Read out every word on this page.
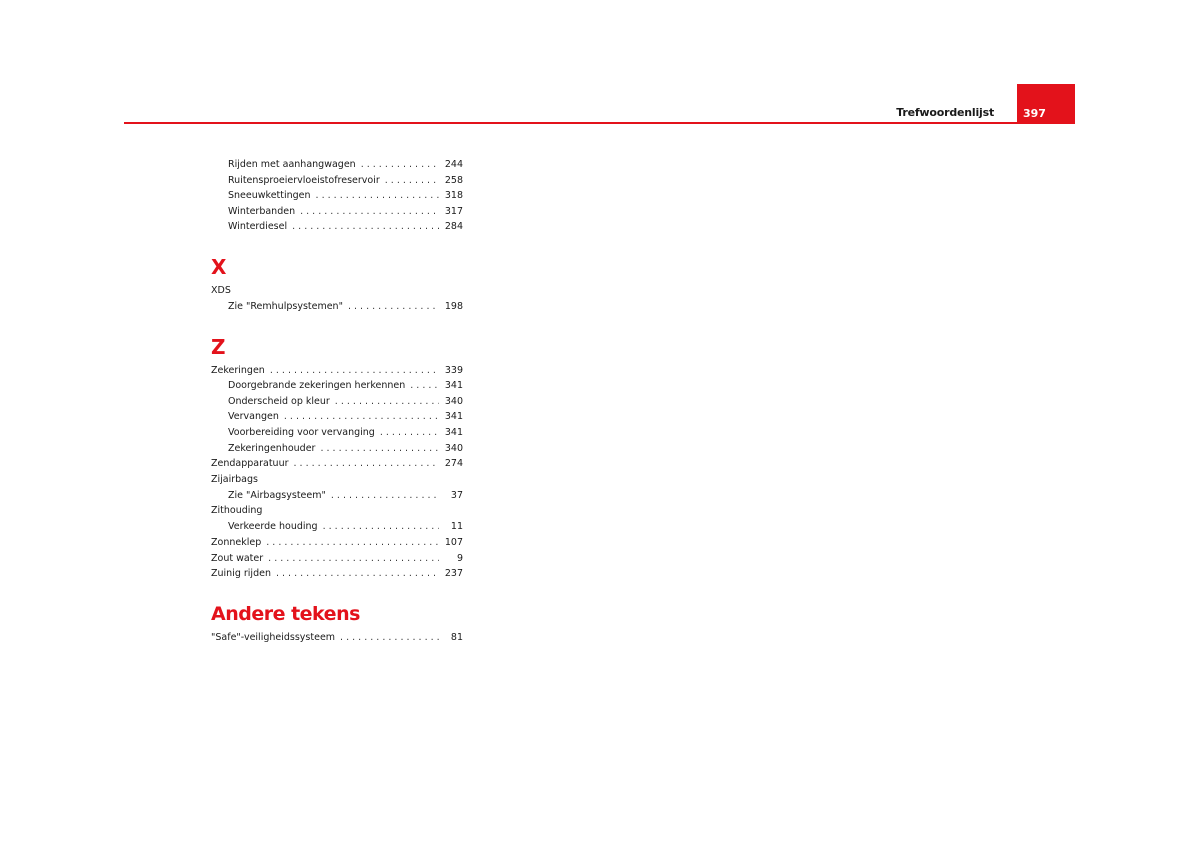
Trefwoordenlijst	397
Rijden met aanhangwagen . . .	244
Ruitensproeiervloeistofreservoir . . .	258
Sneeuwkettingen . . .	318
Winterbanden . . .	317
Winterdiesel . . .	284
X
XDS
Zie "Remhulpsystemen" . . .	198
Z
Zekeringen . . .	339
Doorgebrande zekeringen herkennen . . .	341
Onderscheid op kleur . . .	340
Vervangen . . .	341
Voorbereiding voor vervanging . . .	341
Zekeringenhouder . . .	340
Zendapparatuur . . .	274
Zijairbags
Zie "Airbagsysteem" . . .	37
Zithouding
Verkeerde houding . . .	11
Zonneklep . . .	107
Zout water . . .	9
Zuinig rijden . . .	237
Andere tekens
"Safe"-veiligheidssysteem . . .	81
